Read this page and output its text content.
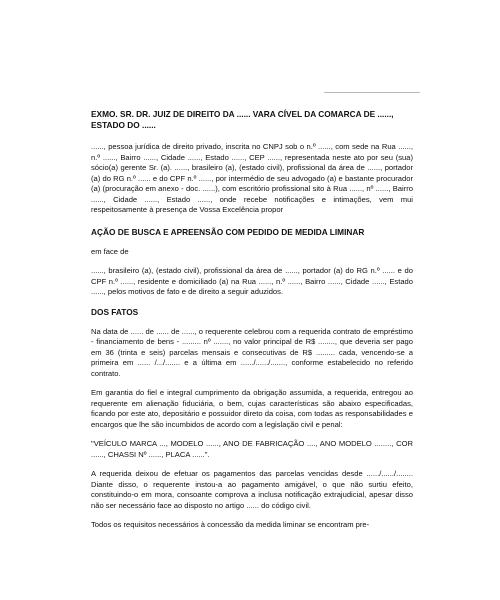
EXMO. SR. DR. JUIZ DE DIREITO DA ...... VARA CÍVEL DA COMARCA DE ......, ESTADO DO ......

......, pessoa jurídica de direito privado, inscrita no CNPJ sob o n.º ......, com sede na Rua ......, n.º ......, Bairro ......, Cidade ......, Estado ......, CEP ......, representada neste ato por seu (sua) sócio(a) gerente Sr. (a). ......, brasileiro (a), (estado civil), profissional da área de ......, portador (a) do RG n.º ...... e do CPF n.º ......, por intermédio de seu advogado (a) e bastante procurador (a) (procuração em anexo - doc. ......), com escritório profissional sito à Rua ......, nº ......, Bairro ......, Cidade ......, Estado ......, onde recebe notificações e intimações, vem mui respeitosamente à presença de Vossa Excelência propor

AÇÃO DE BUSCA E APREENSÃO COM PEDIDO DE MEDIDA LIMINAR

em face de

......, brasileiro (a), (estado civil), profissional da área de ......, portador (a) do RG n.º ...... e do CPF n.º ......, residente e domiciliado (a) na Rua ......, n.º ......, Bairro ......, Cidade ......, Estado ......, pelos motivos de fato e de direito a seguir aduzidos.

DOS FATOS

Na data de ...... de ...... de ......, o requerente celebrou com a requerida contrato de empréstimo - financiamento de bens - ......... nº ......., no valor principal de R$ ........, que deveria ser pago em 36 (trinta e seis) parcelas mensais e consecutivas de R$ ......... cada, vencendo-se a primeira em ...... /.../....... e a última em ....../....../......., conforme estabelecido no referido contrato.

Em garantia do fiel e integral cumprimento da obrigação assumida, a requerida, entregou ao requerente em alienação fiduciária, o bem, cujas características são abaixo especificadas, ficando por este ato, depositário e possuidor direto da coisa, com todas as responsabilidades e encargos que lhe são incumbidos de acordo com a legislação civil e penal:

"VEÍCULO MARCA ..., MODELO ......, ANO DE FABRICAÇÃO ...., ANO MODELO ........, COR ......, CHASSI Nº ......, PLACA ......".

A requerida deixou de efetuar os pagamentos das parcelas vencidas desde ....../....../........ Diante disso, o requerente instou-a ao pagamento amigável, o que não surtiu efeito, constituindo-o em mora, consoante comprova a inclusa notificação extrajudicial, apesar disso não ser necessário face ao disposto no artigo ...... do código civil.

Todos os requisitos necessários à concessão da medida liminar se encontram pre-
